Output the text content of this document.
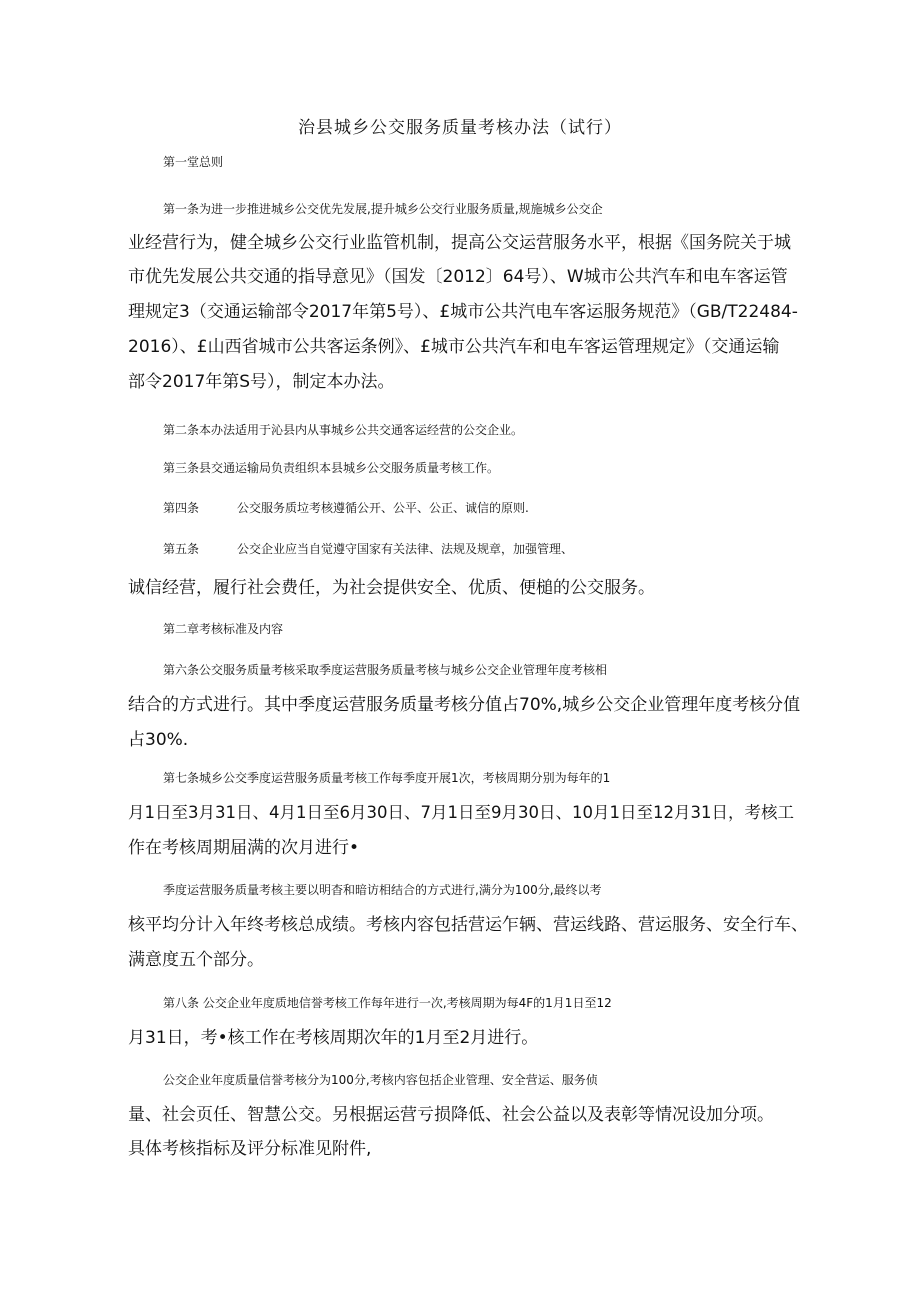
治县城乡公交服务质量考核办法（试行）
第一堂总则
第一条为进一步推进城乡公交优先发展,提升城乡公交行业服务质量,规施城乡公交企
业经营行为，健全城乡公交行业监管机制，提高公交运营服务水平，根据《国务院关于城
市优先发展公共交通的指导意见》（国发〔2012〕64号）、W城市公共汽车和电车客运管
理规定3（交通运输部令2017年第5号）、£城市公共汽电车客运服务规范》（GB/T22484-
2016）、£山西省城市公共客运条例》、£城市公共汽车和电车客运管理规定》（交通运输
部令2017年第S号），制定本办法。
第二条本办法适用于沁县内从事城乡公共交通客运经营的公交企业。
第三条县交通运输局负责组织本县城乡公交服务质量考核工作。
第四条	公交服务质垃考核遵循公开、公平、公正、诚信的原则.
第五条	公交企业应当自觉遵守国家有关法律、法规及规章，加强管理、
诚信经营，履行社会费任，为社会提供安全、优质、便槌的公交服务。
第二章考核标准及内容
第六条公交服务质量考核采取季度运营服务质量考核与城乡公交企业管理年度考核相
结合的方式进行。其中季度运营服务质量考核分值占70%,城乡公交企业管理年度考核分值
占30%.
第七条城乡公交季度运营服务质量考核工作每季度开展1次，考核周期分别为每年的1
月1日至3月31日、4月1日至6月30日、7月1日至9月30日、10月1日至12月31日，考核工
作在考核周期届满的次月进行•
季度运营服务质量考核主要以明杳和暗访相结合的方式进行,满分为100分,最终以考
核平均分计入年终考核总成绩。考核内容包括营运乍辆、营运线路、营运服务、安全行车、
满意度五个部分。
第八条 公交企业年度质地信誉考核工作每年进行一次,考核周期为每4F的1月1日至12
月31日，考•核工作在考核周期次年的1月至2月进行。
公交企业年度质量信誉考核分为100分,考核内容包括企业管理、安全营运、服务侦
量、社会页任、智慧公交。另根据运营亏损降低、社会公益以及表彰等情况设加分项。
具体考核指标及评分标准见附件,
